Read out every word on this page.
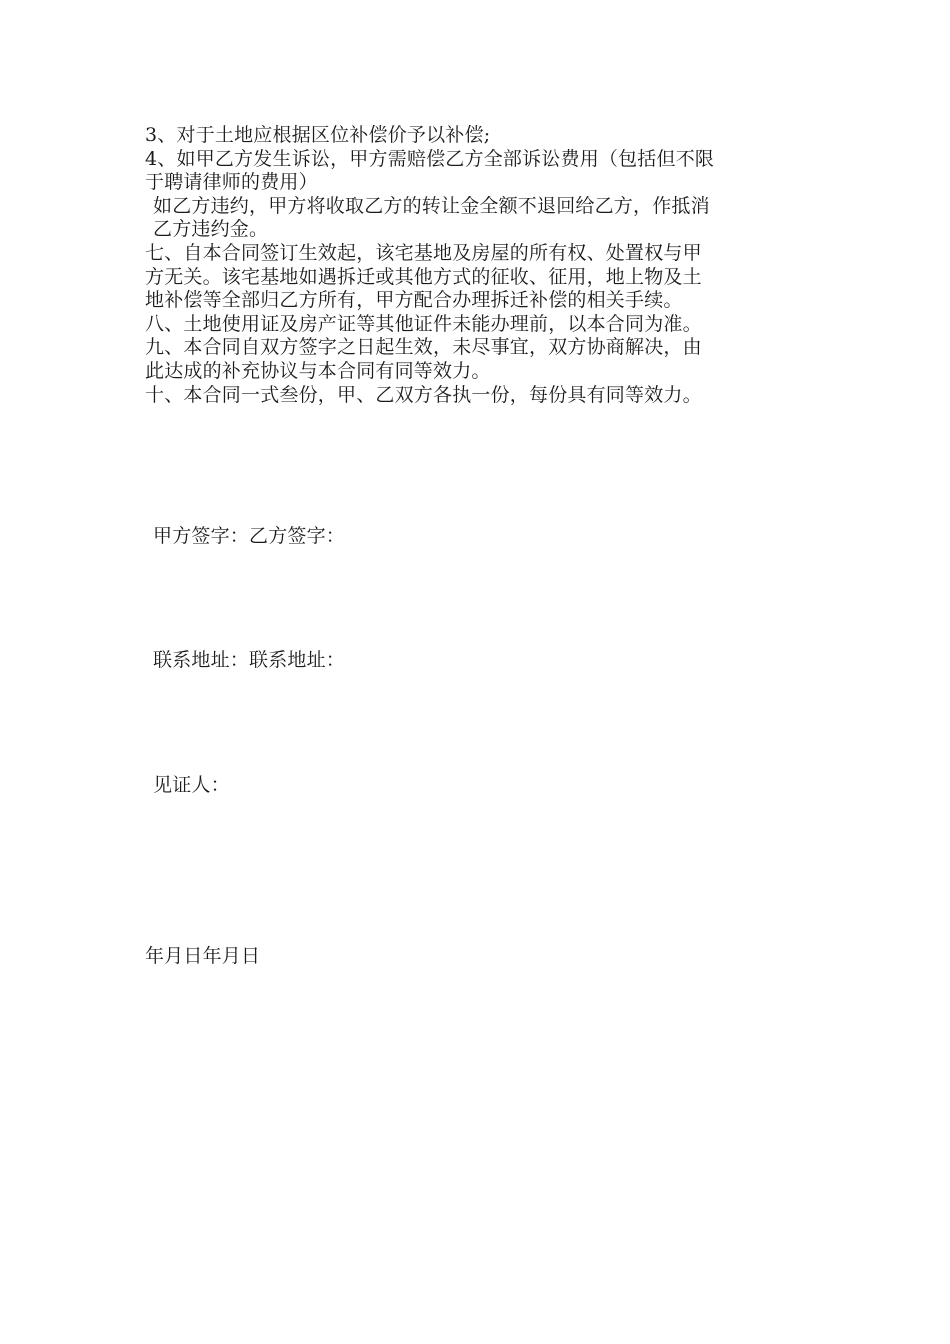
3、对于土地应根据区位补偿价予以补偿;

4、如甲乙方发生诉讼，甲方需赔偿乙方全部诉讼费用（包括但不限

于聘请律师的费用）

如乙方违约，甲方将收取乙方的转让金全额不退回给乙方，作抵消

乙方违约金。

七、自本合同签订生效起，该宅基地及房屋的所有权、处置权与甲

方无关。该宅基地如遇拆迁或其他方式的征收、征用，地上物及土

地补偿等全部归乙方所有，甲方配合办理拆迁补偿的相关手续。

八、土地使用证及房产证等其他证件未能办理前，以本合同为准。

九、本合同自双方签字之日起生效，未尽事宜，双方协商解决，由

此达成的补充协议与本合同有同等效力。

十、本合同一式叁份，甲、乙双方各执一份，每份具有同等效力。

甲方签字：乙方签字：
联系地址：联系地址：
见证人：
年月日年月日
